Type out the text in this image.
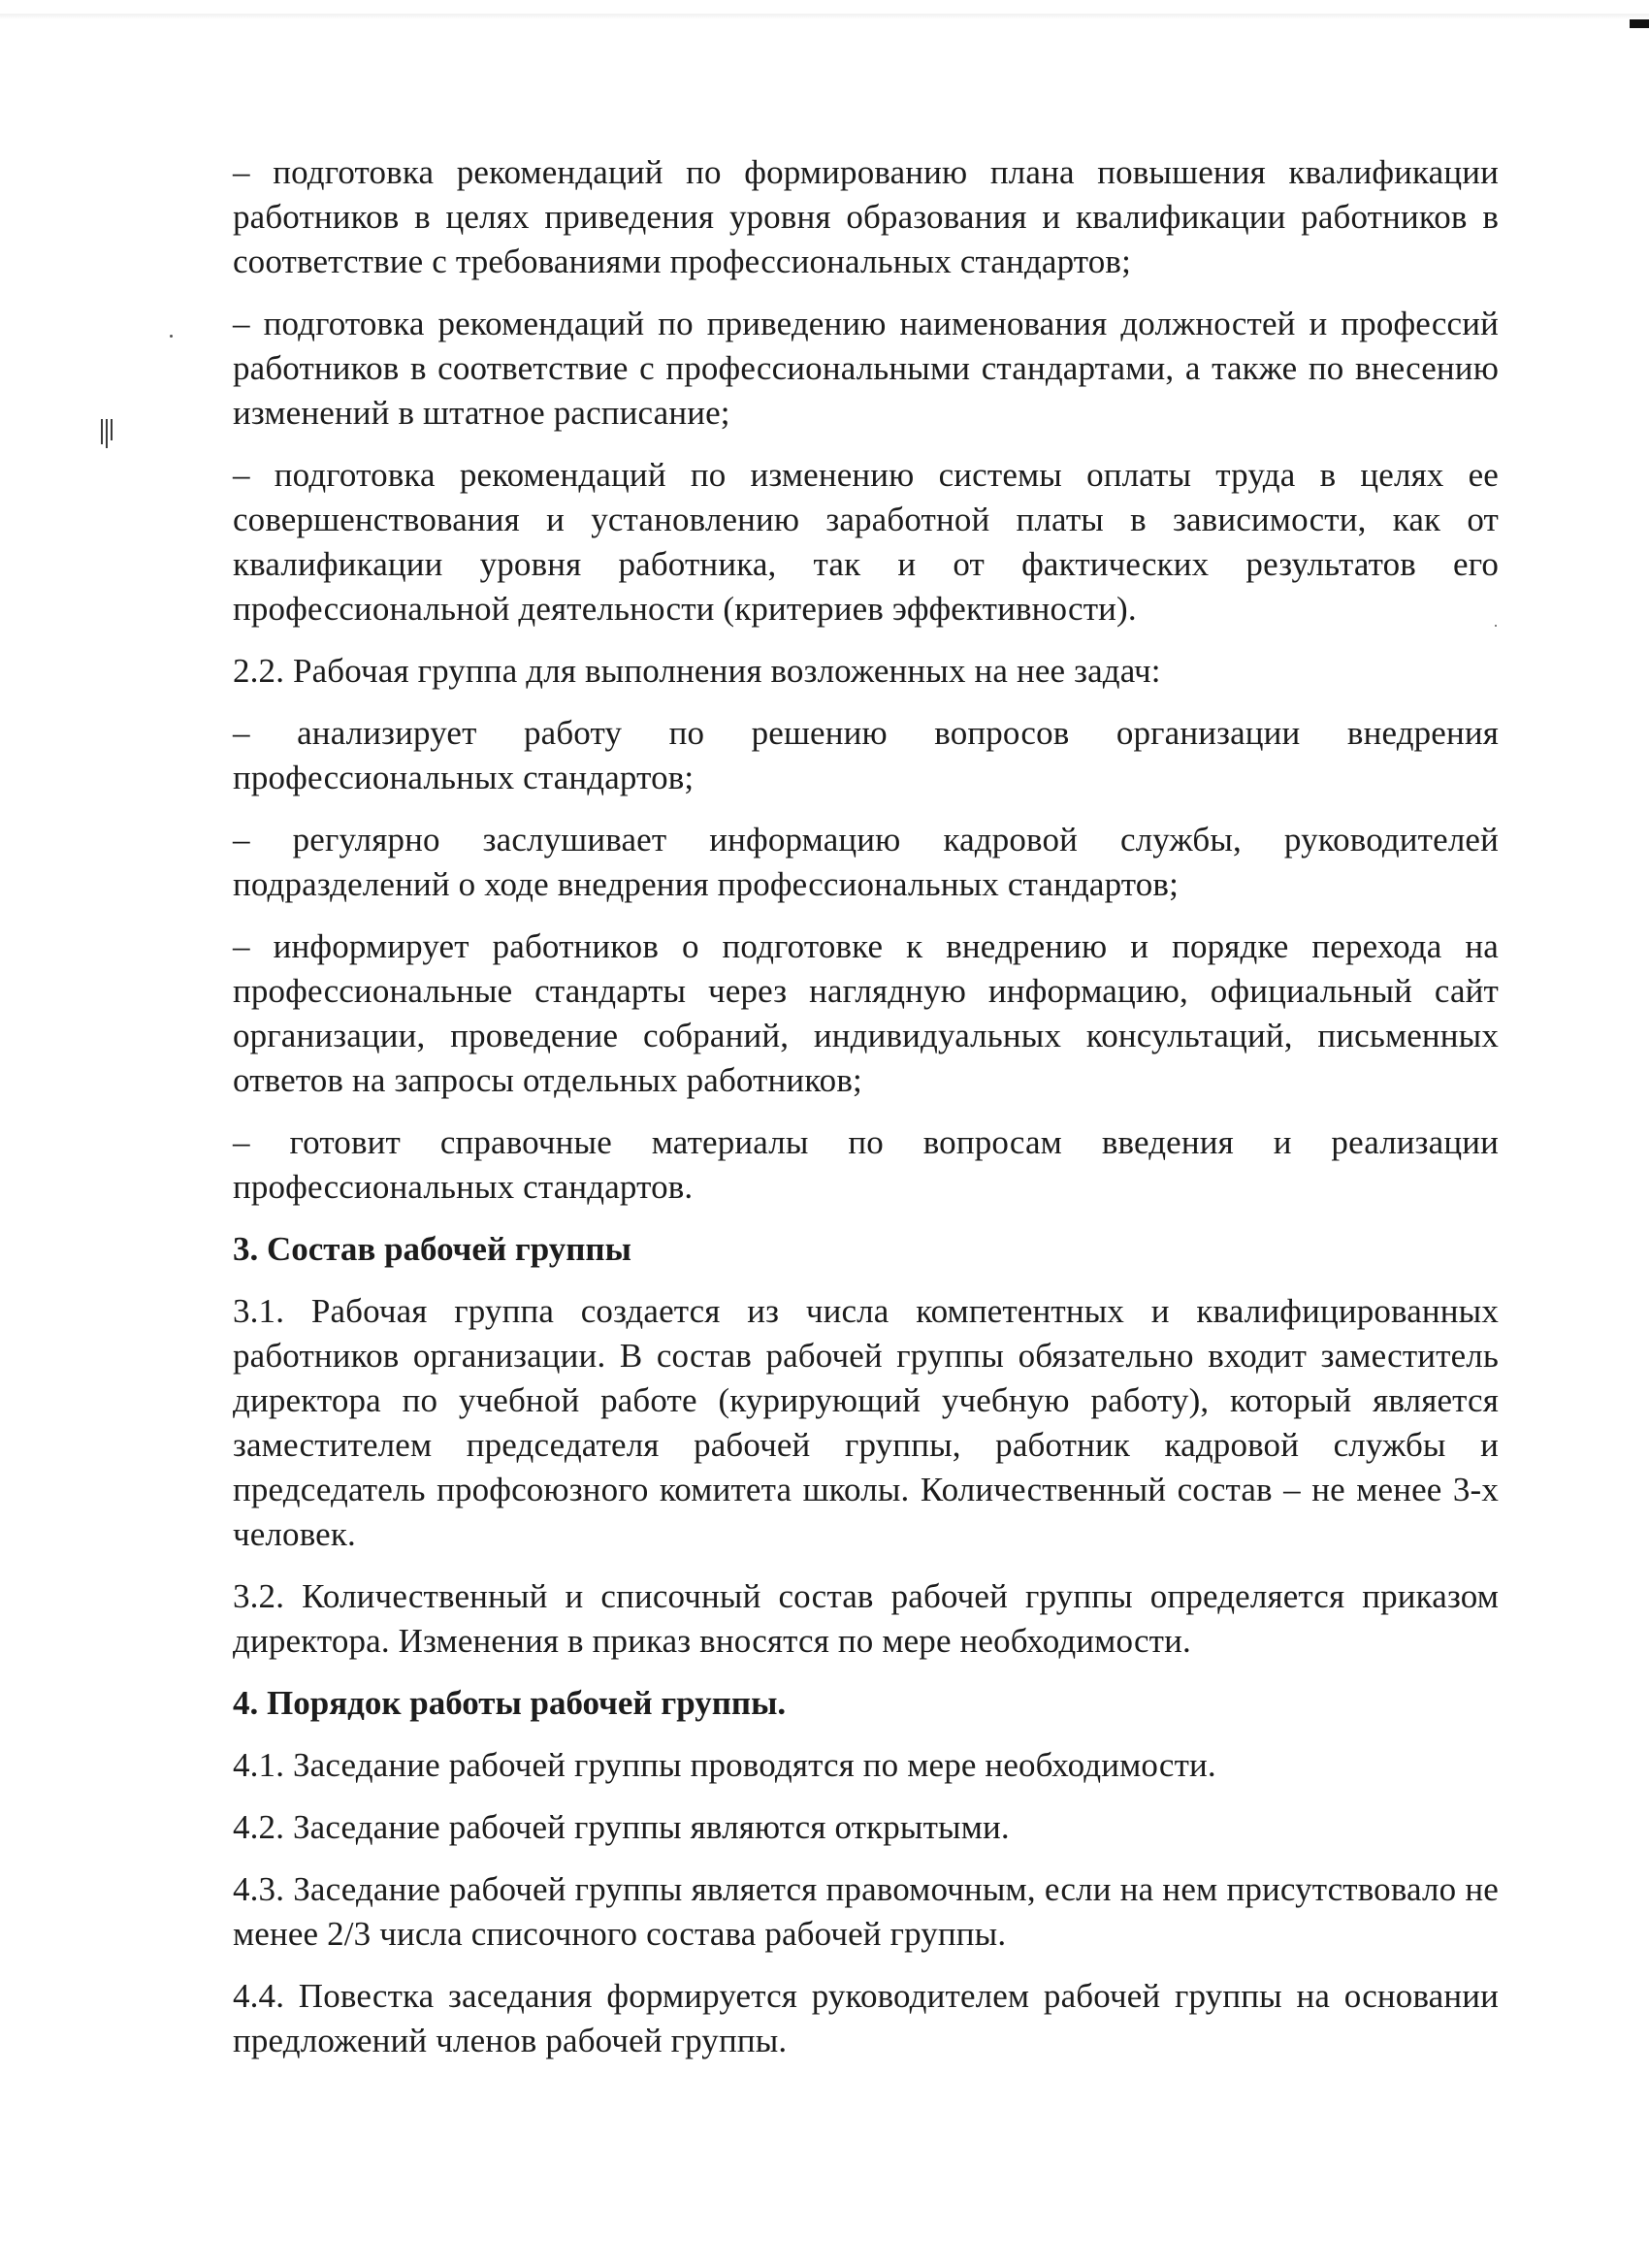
– подготовка рекомендаций по формированию плана повышения квалификации работников в целях приведения уровня образования и квалификации работников в соответствие с требованиями профессиональных стандартов;

– подготовка рекомендаций по приведению наименования должностей и профессий работников в соответствие с профессиональными стандартами, а также по внесению изменений в штатное расписание;

– подготовка рекомендаций по изменению системы оплаты труда в целях ее совершенствования и установлению заработной платы в зависимости, как от квалификации уровня работника, так и от фактических результатов его профессиональной деятельности (критериев эффективности).

2.2. Рабочая группа для выполнения возложенных на нее задач:

– анализирует работу по решению вопросов организации внедрения профессиональных стандартов;

– регулярно заслушивает информацию кадровой службы, руководителей подразделений о ходе внедрения профессиональных стандартов;

– информирует работников о подготовке к внедрению и порядке перехода на профессиональные стандарты через наглядную информацию, официальный сайт организации, проведение собраний, индивидуальных консультаций, письменных ответов на запросы отдельных работников;

– готовит справочные материалы по вопросам введения и реализации профессиональных стандартов.

3. Состав рабочей группы

3.1. Рабочая группа создается из числа компетентных и квалифицированных работников организации. В состав рабочей группы обязательно входит заместитель директора по учебной работе (курирующий учебную работу), который является заместителем председателя рабочей группы, работник кадровой службы и председатель профсоюзного комитета школы. Количественный состав – не менее 3-х человек.

3.2. Количественный и списочный состав рабочей группы определяется приказом директора. Изменения в приказ вносятся по мере необходимости.

4. Порядок работы рабочей группы.

4.1. Заседание рабочей группы проводятся по мере необходимости.

4.2. Заседание рабочей группы являются открытыми.

4.3. Заседание рабочей группы является правомочным, если на нем присутствовало не менее 2/3 числа списочного состава рабочей группы.

4.4. Повестка заседания формируется руководителем рабочей группы на основании предложений членов рабочей группы.
